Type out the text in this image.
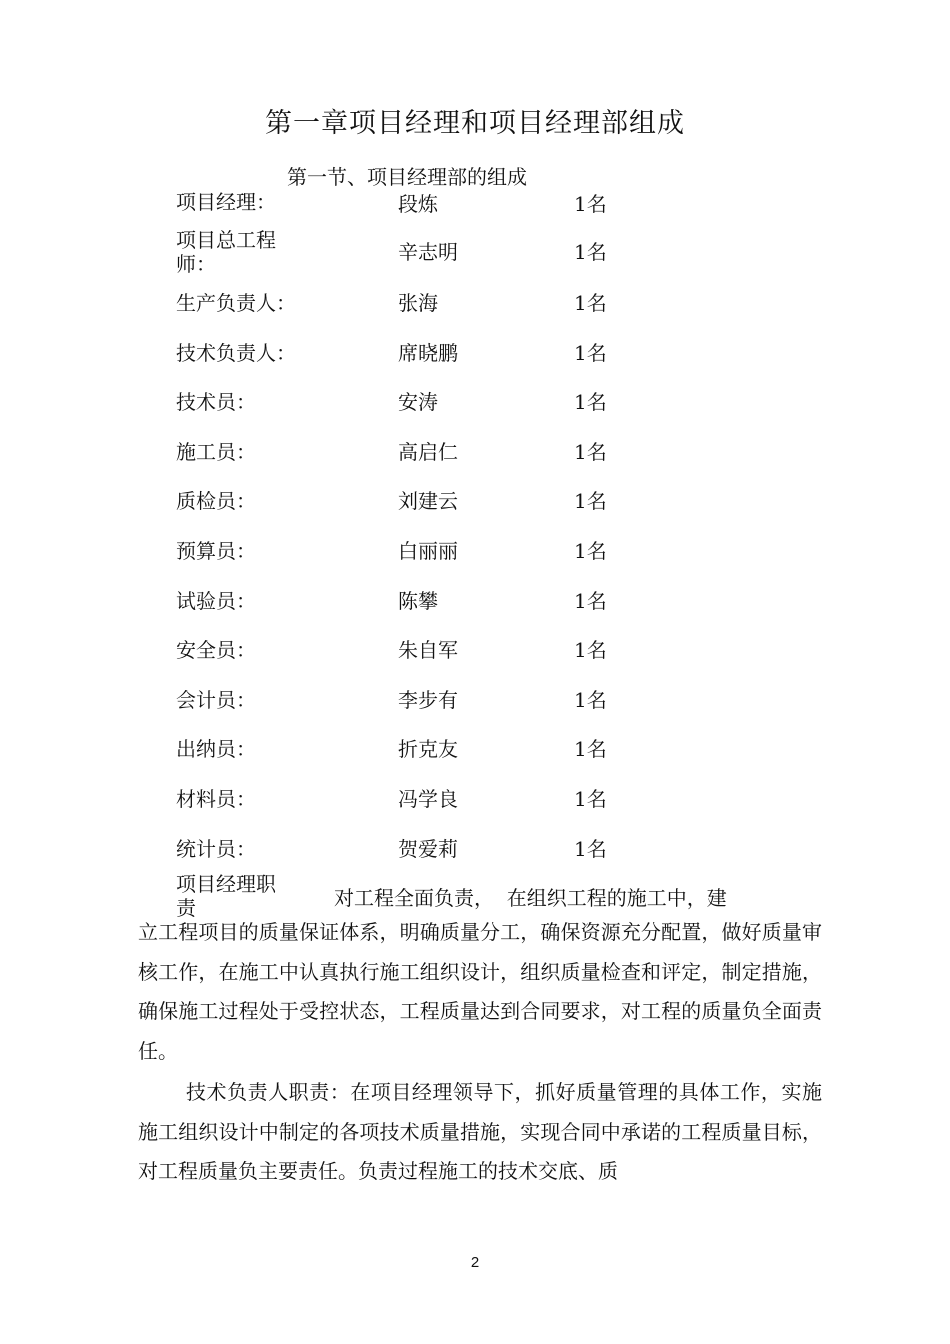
第一章项目经理和项目经理部组成
第一节、项目经理部的组成
项目经理：	段炼	1名
项目总工程师：	辛志明	1名
生产负责人：	张海	1名
技术负责人：	席晓鹏	1名
技术员：	安涛	1名
施工员：	高启仁	1名
质检员：	刘建云	1名
预算员：	白丽丽	1名
试验员：	陈攀	1名
安全员：	朱自军	1名
会计员：	李步有	1名
出纳员：	折克友	1名
材料员：	冯学良	1名
统计员：	贺爱莉	1名
项目经理职责	对工程全面负责，  在组织工程的施工中，建
立工程项目的质量保证体系，明确质量分工，确保资源充分配置，做好质量审核工作，在施工中认真执行施工组织设计，组织质量检查和评定，制定措施，确保施工过程处于受控状态，工程质量达到合同要求，对工程的质量负全面责任。
技术负责人职责：在项目经理领导下，抓好质量管理的具体工作，实施施工组织设计中制定的各项技术质量措施，实现合同中承诺的工程质量目标，对工程质量负主要责任。负责过程施工的技术交底、质
2
